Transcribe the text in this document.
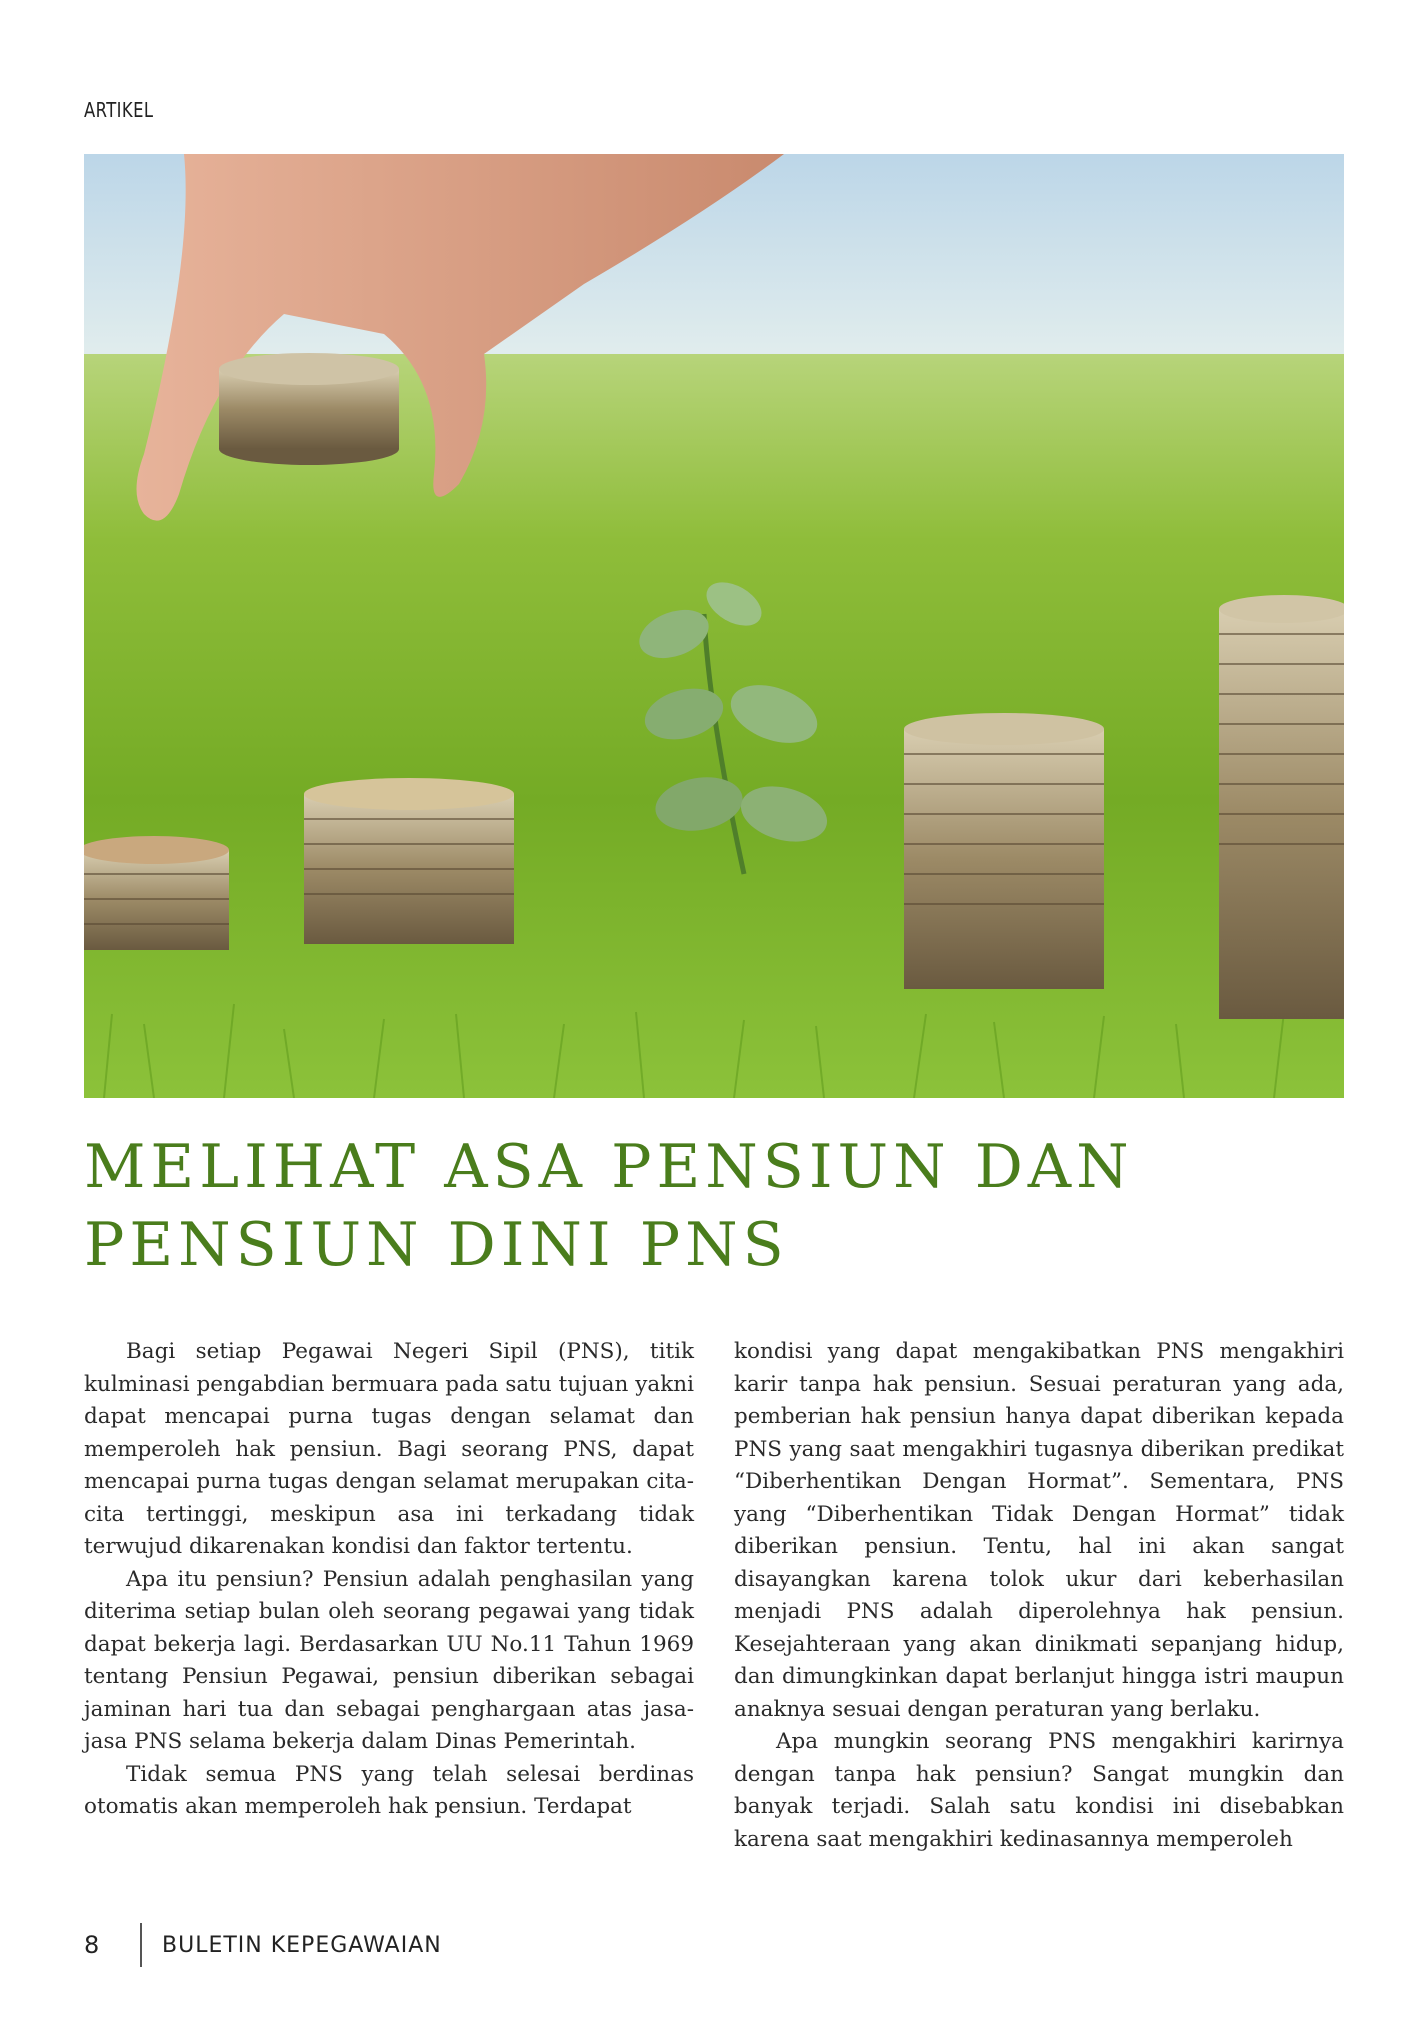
ARTIKEL
MELIHAT ASA PENSIUN DAN
PENSIUN DINI PNS

Bagi setiap Pegawai Negeri Sipil (PNS), titik kulminasi pengabdian bermuara pada satu tujuan yakni dapat mencapai purna tugas dengan selamat dan memperoleh hak pensiun. Bagi seorang PNS, dapat mencapai purna tugas dengan selamat merupakan cita-cita tertinggi, meskipun asa ini terkadang tidak terwujud dikarenakan kondisi dan faktor tertentu.

Apa itu pensiun? Pensiun adalah penghasilan yang diterima setiap bulan oleh seorang pegawai yang tidak dapat bekerja lagi. Berdasarkan UU No.11 Tahun 1969 tentang Pensiun Pegawai, pensiun diberikan sebagai jaminan hari tua dan sebagai penghargaan atas jasa-jasa PNS selama bekerja dalam Dinas Pemerintah.

Tidak semua PNS yang telah selesai berdinas otomatis akan memperoleh hak pensiun. Terdapat

kondisi yang dapat mengakibatkan PNS mengakhiri karir tanpa hak pensiun. Sesuai peraturan yang ada, pemberian hak pensiun hanya dapat diberikan kepada PNS yang saat mengakhiri tugasnya diberikan predikat “Diberhentikan Dengan Hormat”. Sementara, PNS yang “Diberhentikan Tidak Dengan Hormat” tidak diberikan pensiun. Tentu, hal ini akan sangat disayangkan karena tolok ukur dari keberhasilan menjadi PNS adalah diperolehnya hak pensiun. Kesejahteraan yang akan dinikmati sepanjang hidup, dan dimungkinkan dapat berlanjut hingga istri maupun anaknya sesuai dengan peraturan yang berlaku.

Apa mungkin seorang PNS mengakhiri karirnya dengan tanpa hak pensiun? Sangat mungkin dan banyak terjadi. Salah satu kondisi ini disebabkan karena saat mengakhiri kedinasannya memperoleh

8	BULETIN KEPEGAWAIAN
